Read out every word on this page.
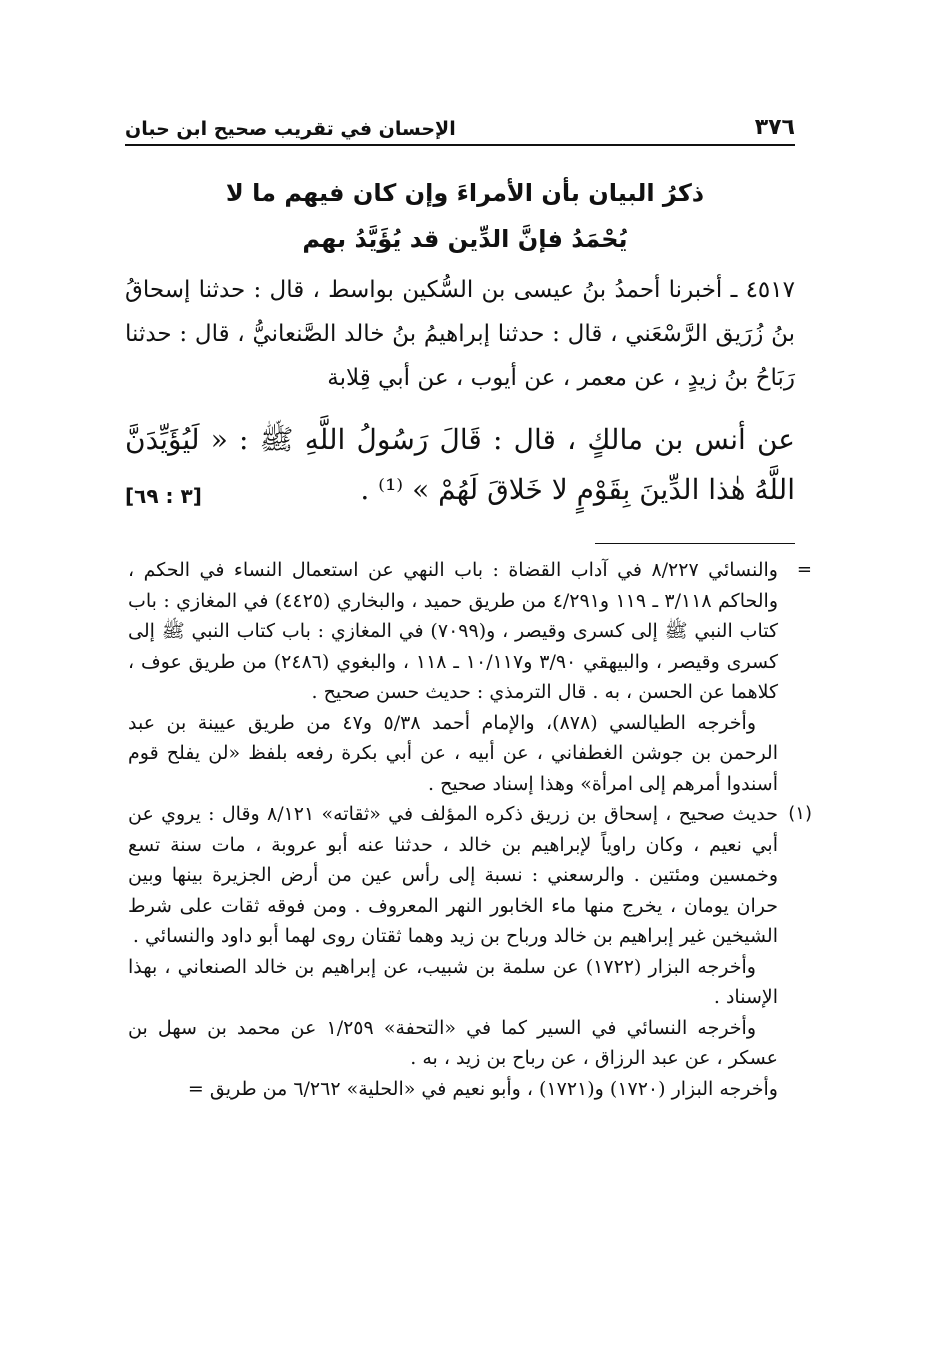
٣٧٦
الإحسان في تقريب صحيح ابن حبان
ذكرُ البيان بأن الأمراءَ وإن كان فيهم ما لا
يُحْمَدُ فإنَّ الدِّين قد يُؤَيَّدُ بهم
٤٥١٧ ـ أخبرنا أحمدُ بنُ عيسى بن السُّكين بواسط ، قال : حدثنا إسحاقُ بنُ زُرَيق الرَّسْعَني ، قال : حدثنا إبراهيمُ بنُ خالد الصَّنعانيُّ ، قال : حدثنا رَبَاحُ بنُ زيدٍ ، عن معمر ، عن أيوب ، عن أبي قِلابة
عن أنس بن مالكٍ ، قال : قَالَ رَسُولُ اللَّهِ ﷺ : « لَيُؤَيِّدَنَّ اللَّهُ هٰذا الدِّينَ بِقَوْمٍ لا خَلاقَ لَهُمْ » ⁽¹⁾ .
[٣ : ٦٩]
=

والنسائي ٨/٢٢٧ في آداب القضاة : باب النهي عن استعمال النساء في الحكم ، والحاكم ٣/١١٨ ـ ١١٩ و٤/٢٩١ من طريق حميد ، والبخاري (٤٤٢٥) في المغازي : باب كتاب النبي ﷺ إلى كسرى وقيصر ، و(٧٠٩٩) في المغازي : باب كتاب النبي ﷺ إلى كسرى وقيصر ، والبيهقي ٣/٩٠ و١٠/١١٧ ـ ١١٨ ، والبغوي (٢٤٨٦) من طريق عوف ، كلاهما عن الحسن ، به . قال الترمذي : حديث حسن صحيح .

وأخرجه الطيالسي (٨٧٨)، والإمام أحمد ٥/٣٨ و٤٧ من طريق عيينة بن عبد الرحمن بن جوشن الغطفاني ، عن أبيه ، عن أبي بكرة رفعه بلفظ «لن يفلح قوم أسندوا أمرهم إلى امرأة» وهذا إسناد صحيح .

(١)

حديث صحيح ، إسحاق بن زريق ذكره المؤلف في «ثقاته» ٨/١٢١ وقال : يروي عن أبي نعيم ، وكان راوياً لإبراهيم بن خالد ، حدثنا عنه أبو عروبة ، مات سنة تسع وخمسين ومئتين . والرسعني : نسبة إلى رأس عين من أرض الجزيرة بينها وبين حران يومان ، يخرج منها ماء الخابور النهر المعروف . ومن فوقه ثقات على شرط الشيخين غير إبراهيم بن خالد ورباح بن زيد وهما ثقتان روى لهما أبو داود والنسائي .

وأخرجه البزار (١٧٢٢) عن سلمة بن شبيب، عن إبراهيم بن خالد الصنعاني ، بهذا الإسناد .

وأخرجه النسائي في السير كما في «التحفة» ١/٢٥٩ عن محمد بن سهل بن عسكر ، عن عبد الرزاق ، عن رباح بن زيد ، به .

وأخرجه البزار (١٧٢٠) و(١٧٢١) ، وأبو نعيم في «الحلية» ٦/٢٦٢ من طريق =
